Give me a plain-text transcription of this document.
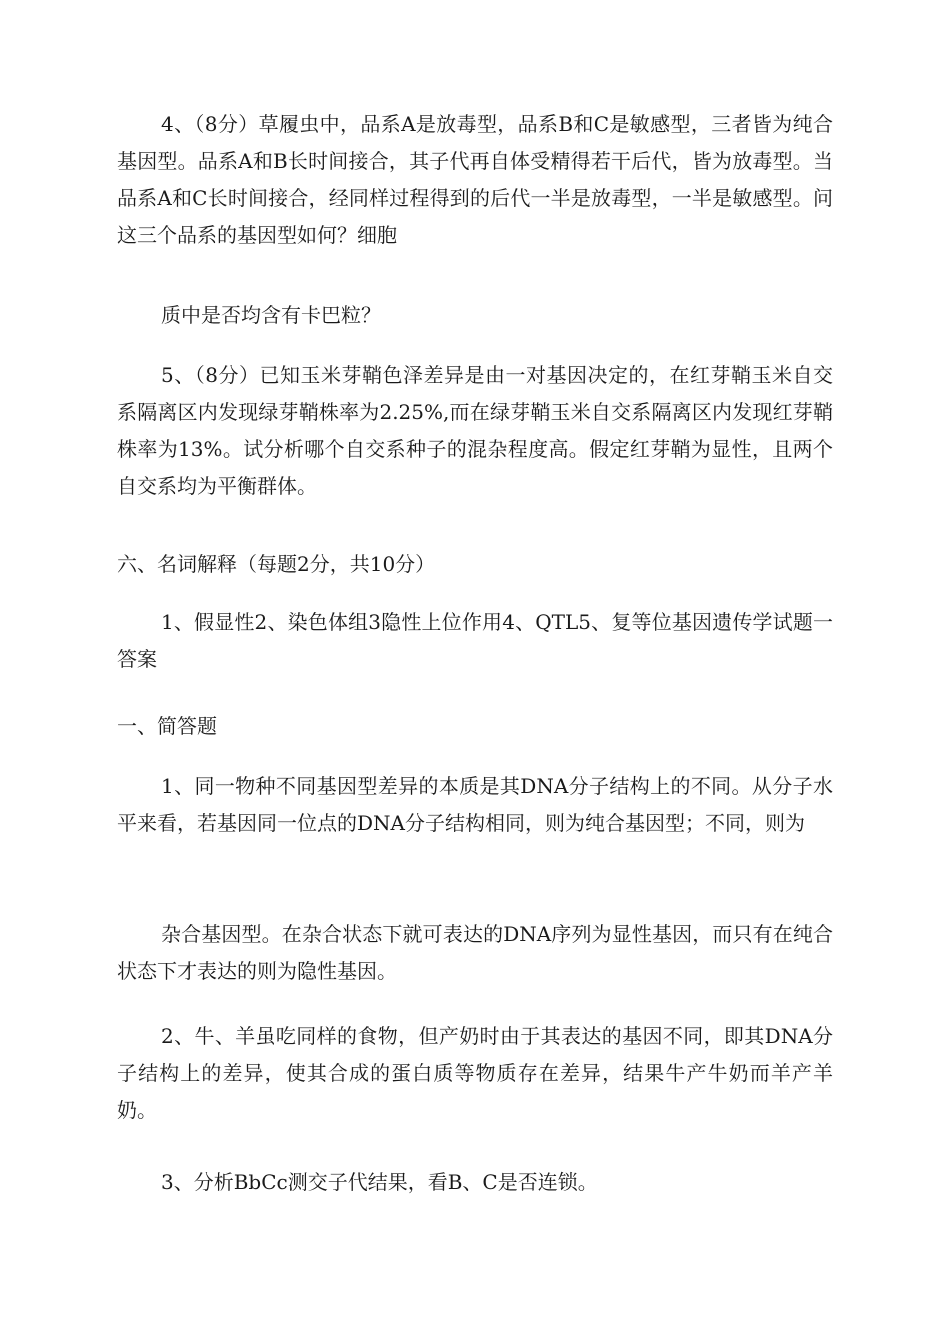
4、（8分）草履虫中，品系A是放毒型，品系B和C是敏感型，三者皆为纯合基因型。品系A和B长时间接合，其子代再自体受精得若干后代，皆为放毒型。当品系A和C长时间接合，经同样过程得到的后代一半是放毒型，一半是敏感型。问这三个品系的基因型如何？细胞

质中是否均含有卡巴粒？

5、（8分）已知玉米芽鞘色泽差异是由一对基因决定的，在红芽鞘玉米自交系隔离区内发现绿芽鞘株率为2.25%,而在绿芽鞘玉米自交系隔离区内发现红芽鞘株率为13%。试分析哪个自交系种子的混杂程度高。假定红芽鞘为显性，且两个自交系均为平衡群体。

六、名词解释（每题2分，共10分）

1、假显性2、染色体组3隐性上位作用4、QTL5、复等位基因遗传学试题一答案

一、简答题

1、同一物种不同基因型差异的本质是其DNA分子结构上的不同。从分子水平来看，若基因同一位点的DNA分子结构相同，则为纯合基因型；不同，则为

杂合基因型。在杂合状态下就可表达的DNA序列为显性基因，而只有在纯合状态下才表达的则为隐性基因。

2、牛、羊虽吃同样的食物，但产奶时由于其表达的基因不同，即其DNA分子结构上的差异，使其合成的蛋白质等物质存在差异，结果牛产牛奶而羊产羊奶。

3、分析BbCc测交子代结果，看B、C是否连锁。
